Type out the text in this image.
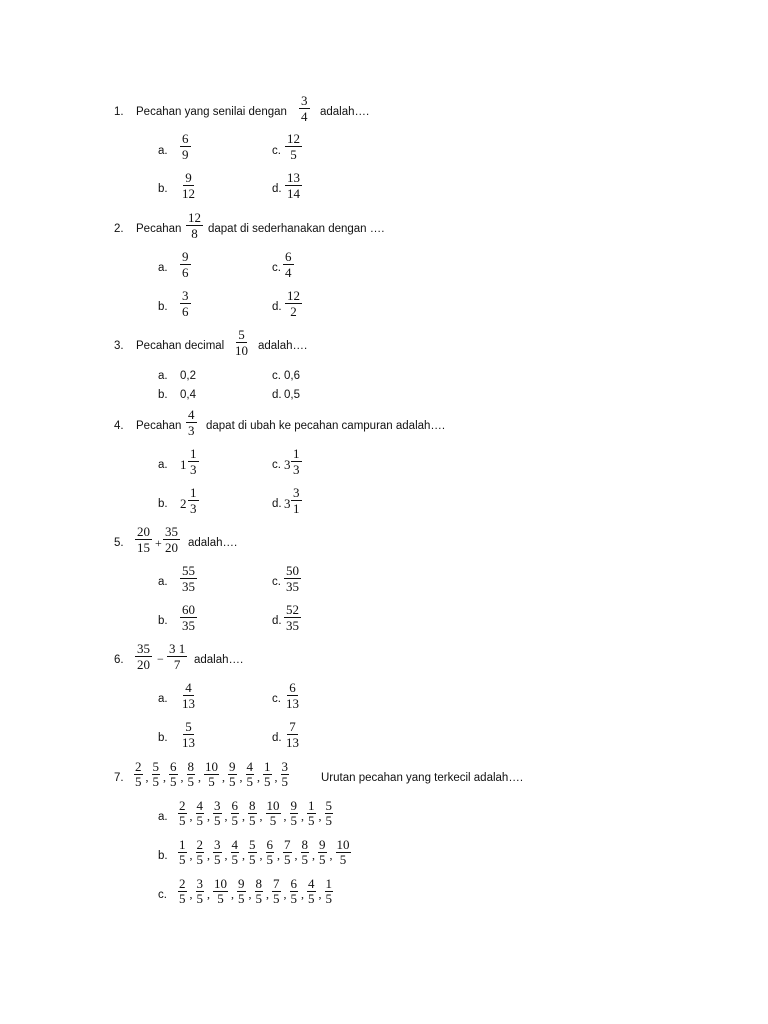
1. Pecahan yang senilai dengan $\frac{3}{4}$ adalah….
a. $\frac{6}{9}$	c. $\frac{12}{5}$
b. $\frac{9}{12}$	d. $\frac{13}{14}$
2. Pecahan $\frac{12}{8}$ dapat di sederhanakan dengan ….
a. $\frac{9}{6}$	c. $\frac{6}{4}$
b. $\frac{3}{6}$	d. $\frac{12}{2}$
3. Pecahan decimal $\frac{5}{10}$ adalah….
a. 0,2	c. 0,6
b. 0,4	d. 0,5
4. Pecahan $\frac{4}{3}$ dapat di ubah ke pecahan campuran adalah….
a. $1 \frac{1}{3}$	c. $3 \frac{1}{3}$
b. $2 \frac{1}{3}$	d. $3 \frac{3}{1}$
5. $\frac{20}{15} + \frac{35}{20}$ adalah….
a. $\frac{55}{35}$	c. $\frac{50}{35}$
b. $\frac{60}{35}$	d. $\frac{52}{35}$
6. $\frac{35}{20} - \frac{3 1}{7}$ adalah….
a. $\frac{4}{13}$	c. $\frac{6}{13}$
b. $\frac{5}{13}$	d. $\frac{7}{13}$
7.
2
5 ,
5
5 ,
6
5 ,
8
5 ,
10
5 ,
9
5 ,
4
5 ,
1
5 ,
3
5	Urutan pecahan yang terkecil adalah….
a.
2
5 ,
4
5 ,
3
5 ,
6
5 ,
8
5 ,
10
5 ,
9
5 ,
1
5 ,
5
5
b.
1
5 ,
2
5 ,
3
5 ,
4
5 ,
5
5 ,
6
5 ,
7
5 ,
8
5 ,
9
5 ,
10
5
c.
2
5 ,
3
5 ,
10
5 ,
9
5 ,
8
5 ,
7
5 ,
6
5 ,
4
5 ,
1
5
